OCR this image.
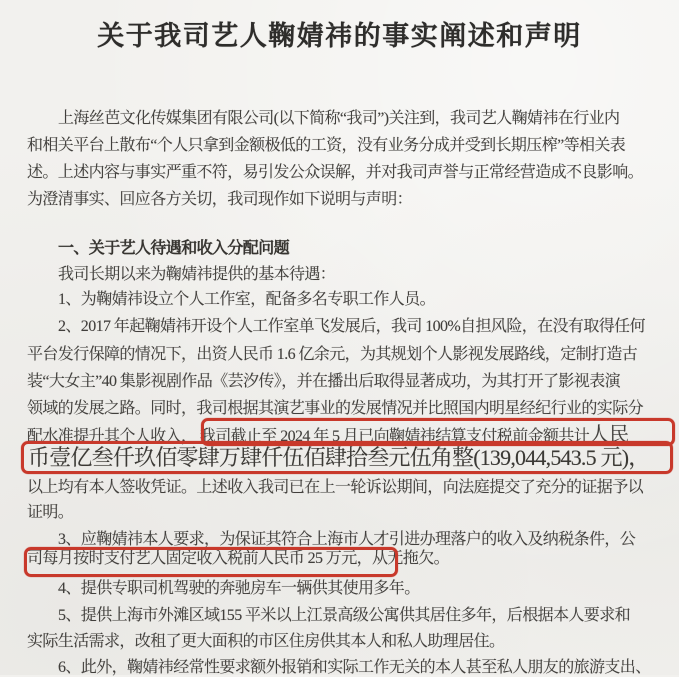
关于我司艺人鞠婧祎的事实阐述和声明
上海丝芭文化传媒集团有限公司(以下简称“我司”)关注到，我司艺人鞠婧祎在行业内
和相关平台上散布“个人只拿到金额极低的工资，没有业务分成并受到长期压榨”等相关表
述。上述内容与事实严重不符，易引发公众误解，并对我司声誉与正常经营造成不良影响。
为澄清事实、回应各方关切，我司现作如下说明与声明：
一、关于艺人待遇和收入分配问题
我司长期以来为鞠婧祎提供的基本待遇：
1、为鞠婧祎设立个人工作室，配备多名专职工作人员。
2、2017 年起鞠婧祎开设个人工作室单飞发展后，我司 100%自担风险，在没有取得任何
平台发行保障的情况下，出资人民币 1.6 亿余元，为其规划个人影视发展路线，定制打造古
装“大女主”40 集影视剧作品《芸汐传》，并在播出后取得显著成功，为其打开了影视表演
领域的发展之路。同时，我司根据其演艺事业的发展情况并比照国内明星经纪行业的实际分
配水准提升其个人收入， 我司截止至 2024 年 5 月已向鞠婧祎结算支付税前金额共计人民
币壹亿叁仟玖佰零肆万肆仟伍佰肆拾叁元伍角整(139,044,543.5 元)，
以上均有本人签收凭证。上述收入我司已在上一轮诉讼期间，向法庭提交了充分的证据予以
证明。
3、应鞠婧祎本人要求，为保证其符合上海市人才引进办理落户的收入及纳税条件，公
司每月按时支付艺人固定收入税前人民币 25 万元，从无拖欠。
4、提供专职司机驾驶的奔驰房车一辆供其使用多年。
5、提供上海市外滩区域155 平米以上江景高级公寓供其居住多年，后根据本人要求和
实际生活需求，改租了更大面积的市区住房供其本人和私人助理居住。
6、此外，鞠婧祎经常性要求额外报销和实际工作无关的本人甚至私人朋友的旅游支出、
